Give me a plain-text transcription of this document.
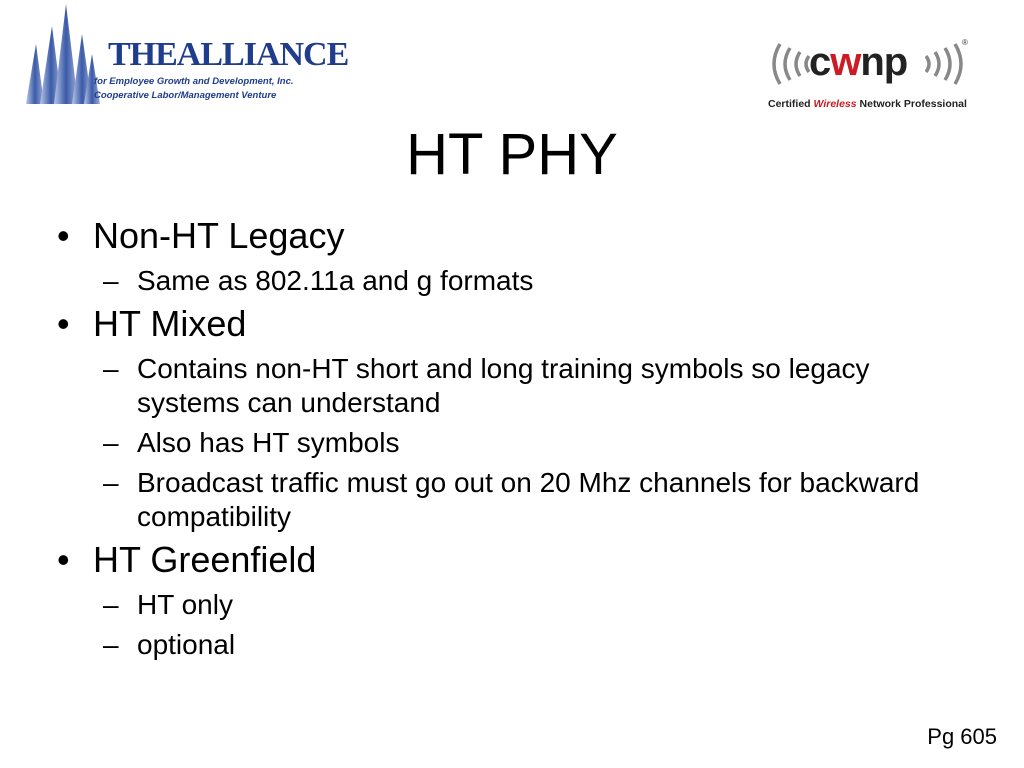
THEALLIANCE
for Employee Growth and Development, Inc.
Cooperative Labor/Management Venture
cwnp	®
Certified Wireless Network Professional
HT PHY
• Non-HT Legacy
– Same as 802.11a and g formats
• HT Mixed
– Contains non-HT short and long training symbols so legacy systems can understand
– Also has HT symbols
– Broadcast traffic must go out on 20 Mhz channels for backward compatibility
• HT Greenfield
– HT only
– optional
Pg 605
